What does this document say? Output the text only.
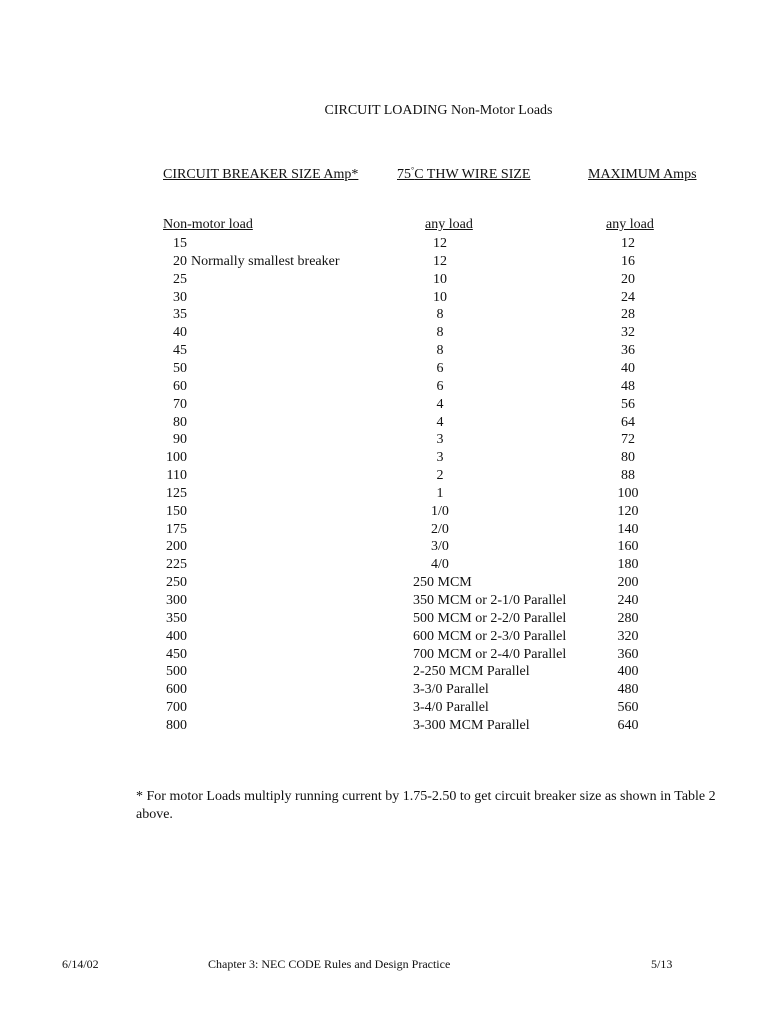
CIRCUIT LOADING Non-Motor Loads
CIRCUIT BREAKER SIZE Amp*	75°C THW WIRE SIZE	MAXIMUM Amps
Non-motor load	any load	any load
15	12	12
20 Normally smallest breaker	12	16
25	10	20
30	10	24
35	8	28
40	8	32
45	8	36
50	6	40
60	6	48
70	4	56
80	4	64
90	3	72
100	3	80
110	2	88
125	1	100
150	1/0	120
175	2/0	140
200	3/0	160
225	4/0	180
250	250 MCM	200
300	350 MCM or 2-1/0 Parallel	240
350	500 MCM or 2-2/0 Parallel	280
400	600 MCM or 2-3/0 Parallel	320
450	700 MCM or 2-4/0 Parallel	360
500	2-250 MCM Parallel	400
600	3-3/0 Parallel	480
700	3-4/0 Parallel	560
800	3-300 MCM Parallel	640
* For motor Loads multiply running current by 1.75-2.50 to get circuit breaker size as shown in Table 2 above.
6/14/02	Chapter 3: NEC CODE Rules and Design Practice	5/13
